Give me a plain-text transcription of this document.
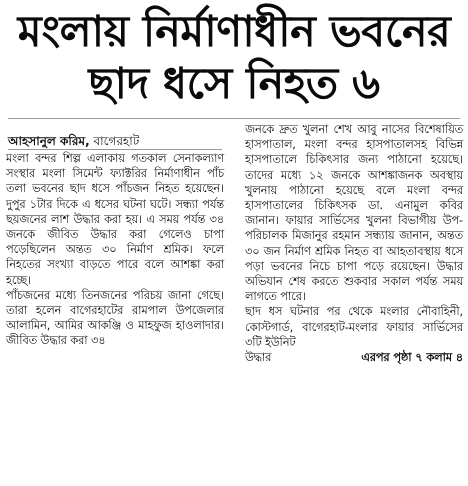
মংলায় নির্মাণাধীন ভবনের
ছাদ ধসে নিহত ৬
আহসানুল করিম, বাগেরহাট

মংলা বন্দর শিল্প এলাকায় গতকাল সেনাকল্যাণ সংস্থার মংলা সিমেন্ট ফ্যাক্টরির নির্মাণাধীন পাঁচ তলা ভবনের ছাদ ধসে পাঁচজন নিহত হয়েছেন। দুপুর ১টার দিকে এ ধসের ঘটনা ঘটে। সন্ধ্যা পর্যন্ত ছয়জনের লাশ উদ্ধার করা হয়। এ সময় পর্যন্ত ৩৪ জনকে জীবিত উদ্ধার করা গেলেও চাপা পড়েছিলেন অন্তত ৩০ নির্মাণ শ্রমিক। ফলে নিহতের সংখ্যা বাড়তে পারে বলে আশঙ্কা করা হচ্ছে।

পাঁচজনের মধ্যে তিনজনের পরিচয় জানা গেছে। তারা হলেন বাগেরহাটের রামপাল উপজেলার আলামিন, আমির আকঞ্জি ও মাহফুজ হাওলাদার। জীবিত উদ্ধার করা ৩৪

জনকে দ্রুত খুলনা শেখ আবু নাসের বিশেষায়িত হাসপাতাল, মংলা বন্দর হাসপাতালসহ বিভিন্ন হাসপাতালে চিকিৎসার জন্য পাঠানো হয়েছে। তাদের মধ্যে ১২ জনকে আশঙ্কাজনক অবস্থায় খুলনায় পাঠানো হয়েছে বলে মংলা বন্দর হাসপাতালের চিকিৎসক ডা. এনামুল কবির জানান। ফায়ার সার্ভিসের খুলনা বিভাগীয় উপ-পরিচালক মিজানুর রহমান সন্ধ্যায় জানান, অন্তত ৩০ জন নির্মাণ শ্রমিক নিহত বা আহতাবস্থায় ধসে পড়া ভবনের নিচে চাপা পড়ে রয়েছেন। উদ্ধার অভিযান শেষ করতে শুকবার সকাল পর্যন্ত সময় লাগতে পারে।

ছাদ ধস ঘটনার পর থেকে মংলার নৌবাহিনী, কোস্টগার্ড, বাগেরহাট-মংলার ফায়ার সার্ভিসের ৩টি ইউনিট

উদ্ধার	এরপর পৃষ্ঠা ৭ কলাম ৪
